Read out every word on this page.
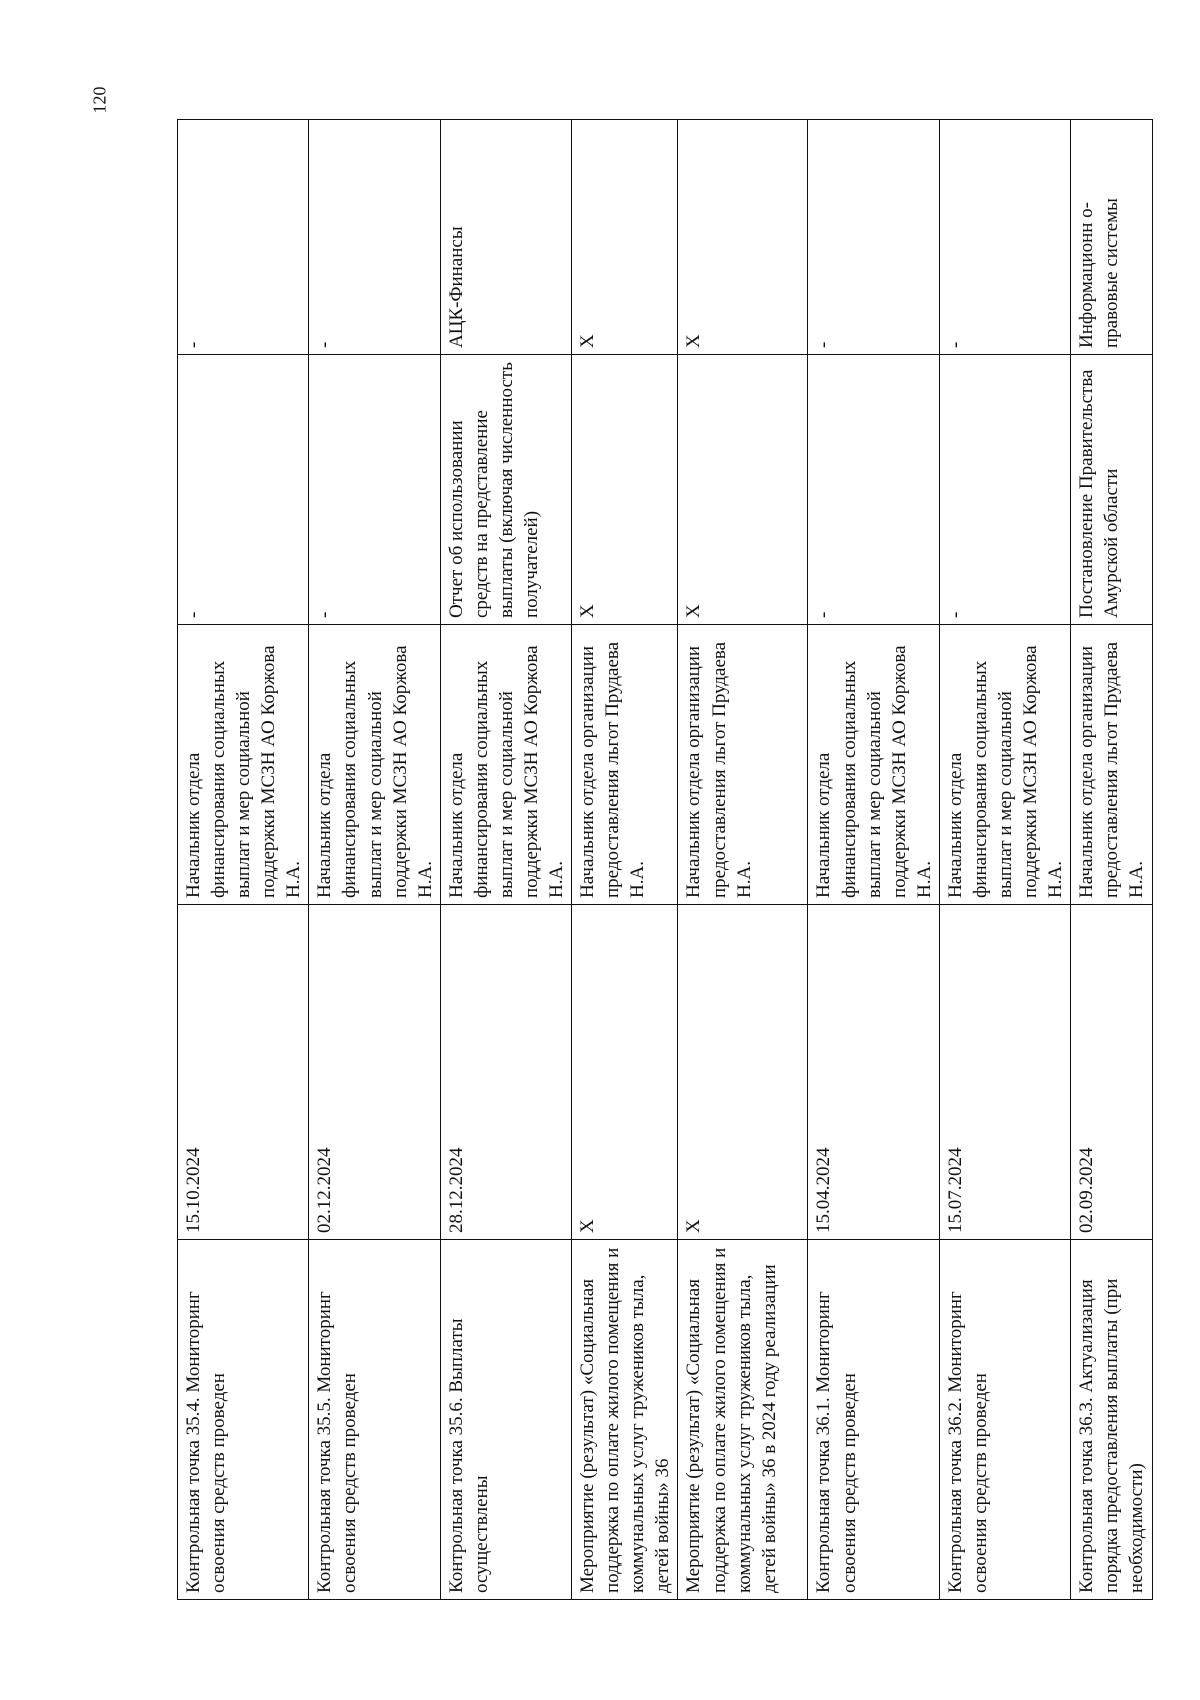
120
Контрольная точка 35.4. Мониторинг освоения средств проведен	15.10.2024	Начальник отдела финансирования социальных выплат и мер социальной поддержки МСЗН АО Коржова Н.А.	-	-
Контрольная точка 35.5. Мониторинг освоения средств проведен	02.12.2024	Начальник отдела финансирования социальных выплат и мер социальной поддержки МСЗН АО Коржова Н.А.	-	-
Контрольная точка 35.6. Выплаты осуществлены	28.12.2024	Начальник отдела финансирования социальных выплат и мер социальной поддержки МСЗН АО Коржова Н.А.	Отчет об использовании средств на представление выплаты (включая численность получателей)	АЦК-Финансы
Мероприятие (результат) «Социальная поддержка по оплате жилого помещения и коммунальных услуг тружеников тыла, детей войны» 36	Х	Начальник отдела организации предоставления льгот Прудаева Н.А.	Х	Х
Мероприятие (результат) «Социальная поддержка по оплате жилого помещения и коммунальных услуг тружеников тыла, детей войны» 36 в 2024 году реализации	Х	Начальник отдела организации предоставления льгот Прудаева Н.А.	Х	Х
Контрольная точка 36.1. Мониторинг освоения средств проведен	15.04.2024	Начальник отдела финансирования социальных выплат и мер социальной поддержки МСЗН АО Коржова Н.А.	-	-
Контрольная точка 36.2. Мониторинг освоения средств проведен	15.07.2024	Начальник отдела финансирования социальных выплат и мер социальной поддержки МСЗН АО Коржова Н.А.	-	-
Контрольная точка 36.3. Актуализация порядка предоставления выплаты (при необходимости)	02.09.2024	Начальник отдела организации предоставления льгот Прудаева Н.А.	Постановление Правительства Амурской области	Информационн о-правовые системы
